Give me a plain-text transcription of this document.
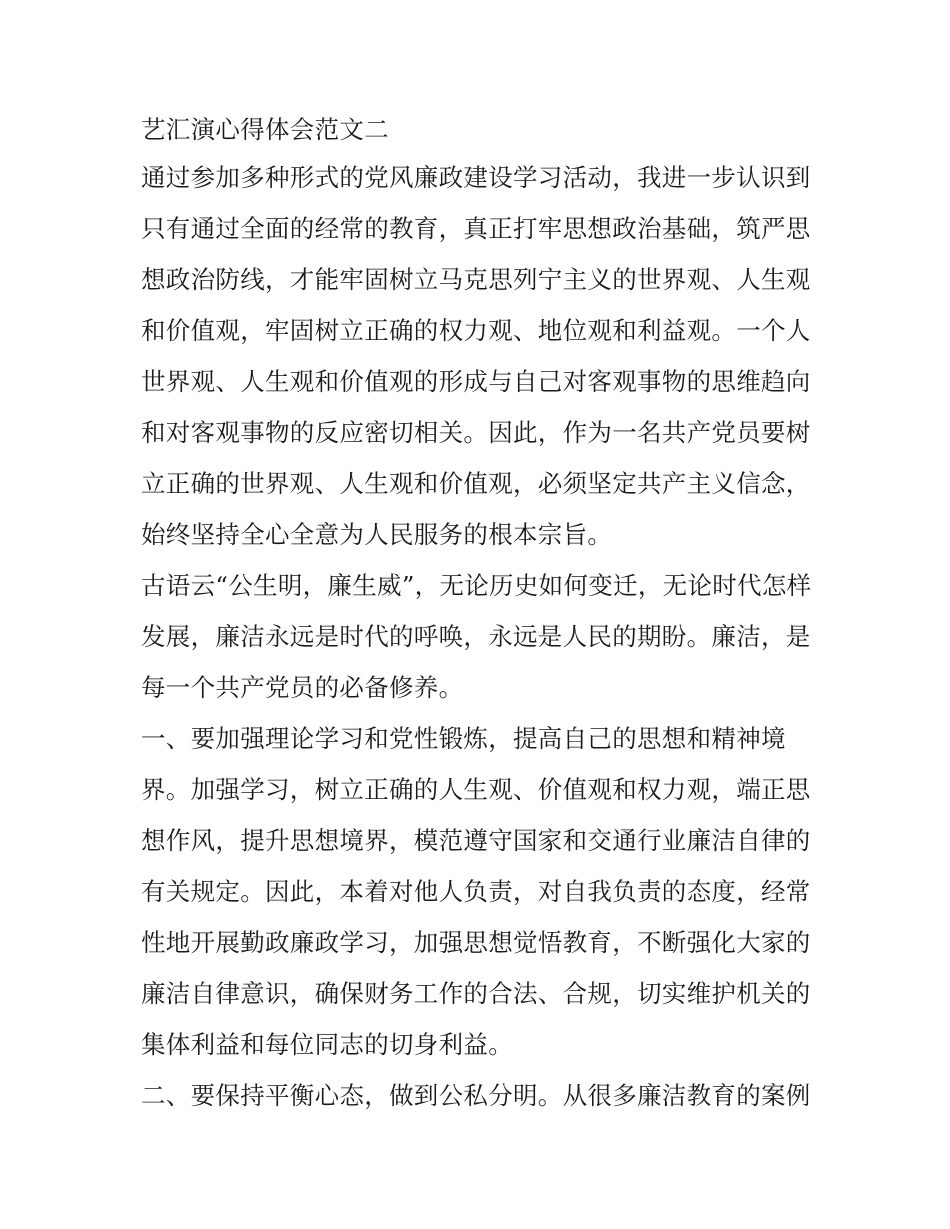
艺汇演心得体会范文二
通过参加多种形式的党风廉政建设学习活动，我进一步认识到
只有通过全面的经常的教育，真正打牢思想政治基础，筑严思
想政治防线，才能牢固树立马克思列宁主义的世界观、人生观
和价值观，牢固树立正确的权力观、地位观和利益观。一个人
世界观、人生观和价值观的形成与自己对客观事物的思维趋向
和对客观事物的反应密切相关。因此，作为一名共产党员要树
立正确的世界观、人生观和价值观，必须坚定共产主义信念，
始终坚持全心全意为人民服务的根本宗旨。
古语云“公生明，廉生威”，无论历史如何变迁，无论时代怎样
发展，廉洁永远是时代的呼唤，永远是人民的期盼。廉洁，是
每一个共产党员的必备修养。
一、要加强理论学习和党性锻炼，提高自己的思想和精神境
界。加强学习，树立正确的人生观、价值观和权力观，端正思
想作风，提升思想境界，模范遵守国家和交通行业廉洁自律的
有关规定。因此，本着对他人负责，对自我负责的态度，经常
性地开展勤政廉政学习，加强思想觉悟教育，不断强化大家的
廉洁自律意识，确保财务工作的合法、合规，切实维护机关的
集体利益和每位同志的切身利益。
二、要保持平衡心态，做到公私分明。从很多廉洁教育的案例
